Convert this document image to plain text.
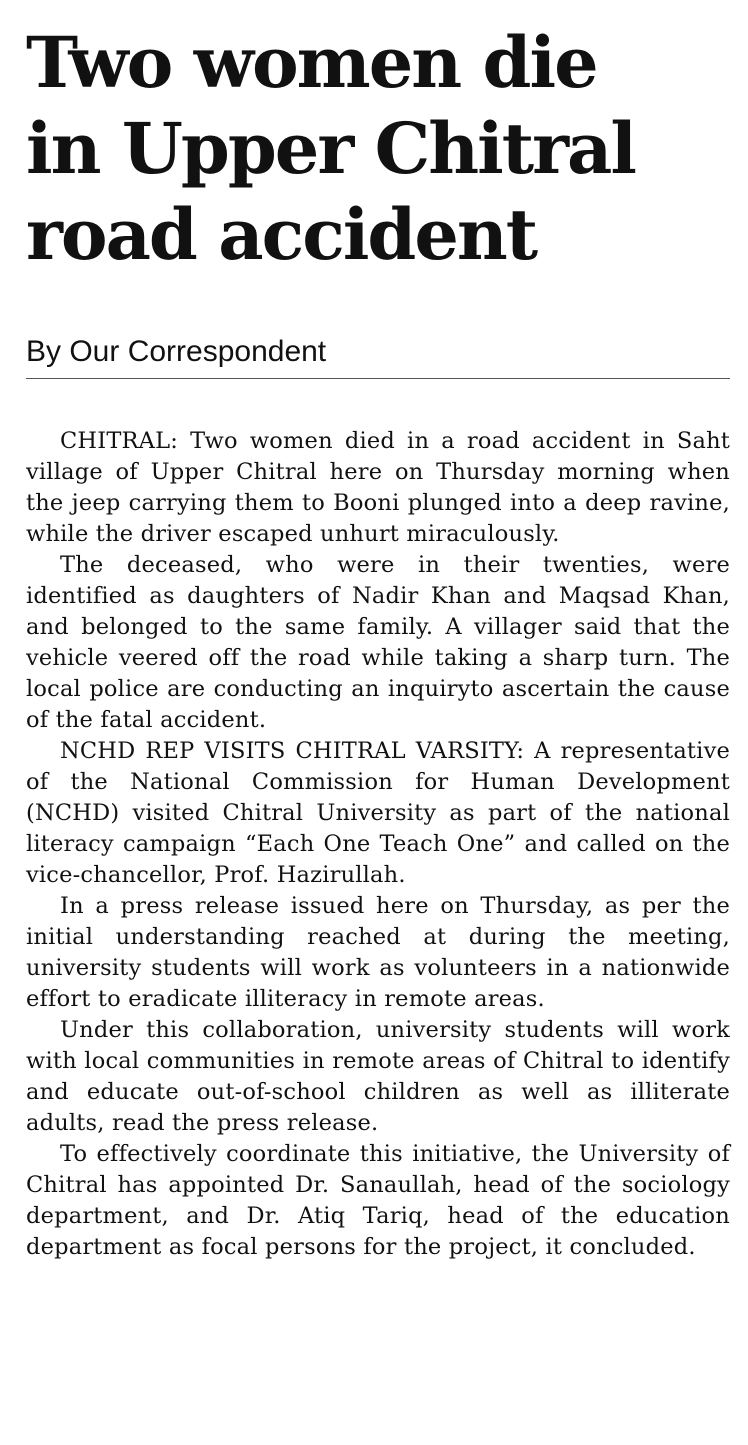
Two women die
in Upper Chitral
road accident
By Our Correspondent

CHITRAL: Two women died in a road accident in Saht village of Upper Chitral here on Thursday morning when the jeep carrying them to Booni plunged into a deep ravine, while the driver escaped unhurt miraculously.

The deceased, who were in their twenties, were identified as daughters of Nadir Khan and Maqsad Khan, and belonged to the same family. A villager said that the vehicle veered off the road while taking a sharp turn. The local police are conducting an inquiryto ascertain the cause of the fatal accident.

NCHD REP VISITS CHITRAL VARSITY: A representative of the National Commission for Human Development (NCHD) visited Chitral University as part of the national literacy campaign “Each One Teach One” and called on the vice-chancellor, Prof. Hazirullah.

In a press release issued here on Thursday, as per the initial understanding reached at during the meeting, university students will work as volunteers in a nationwide effort to eradicate illiteracy in remote areas.

Under this collaboration, university students will work with local communities in remote areas of Chitral to identify and educate out-of-school children as well as illiterate adults, read the press release.

To effectively coordinate this initiative, the University of Chitral has appointed Dr. Sanaullah, head of the sociology department, and Dr. Atiq Tariq, head of the education department as focal persons for the project, it concluded.
